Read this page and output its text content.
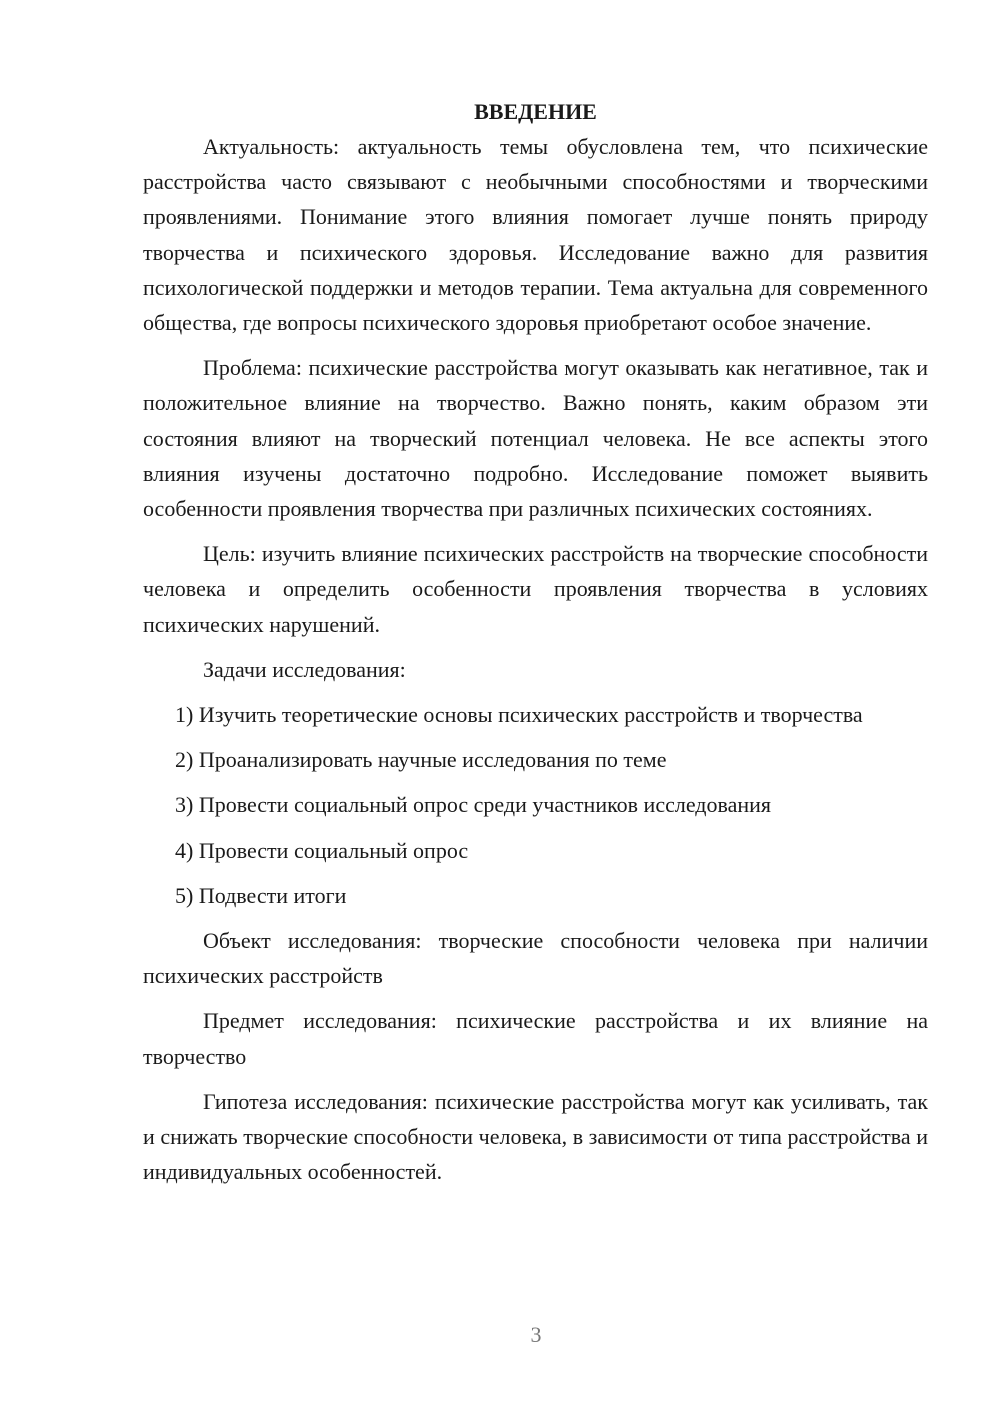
ВВЕДЕНИЕ

Актуальность: актуальность темы обусловлена тем, что психические расстройства часто связывают с необычными способностями и творческими проявлениями. Понимание этого влияния помогает лучше понять природу творчества и психического здоровья. Исследование важно для развития психологической поддержки и методов терапии. Тема актуальна для современного общества, где вопросы психического здоровья приобретают особое значение.

Проблема: психические расстройства могут оказывать как негативное, так и положительное влияние на творчество. Важно понять, каким образом эти состояния влияют на творческий потенциал человека. Не все аспекты этого влияния изучены достаточно подробно. Исследование поможет выявить особенности проявления творчества при различных психических состояниях.

Цель: изучить влияние психических расстройств на творческие способности человека и определить особенности проявления творчества в условиях психических нарушений.

Задачи исследования:

1) Изучить теоретические основы психических расстройств и творчества

2) Проанализировать научные исследования по теме

3) Провести социальный опрос среди участников исследования

4) Провести социальный опрос

5) Подвести итоги

Объект исследования: творческие способности человека при наличии психических расстройств

Предмет исследования: психические расстройства и их влияние на творчество

Гипотеза исследования: психические расстройства могут как усиливать, так и снижать творческие способности человека, в зависимости от типа расстройства и индивидуальных особенностей.

3
